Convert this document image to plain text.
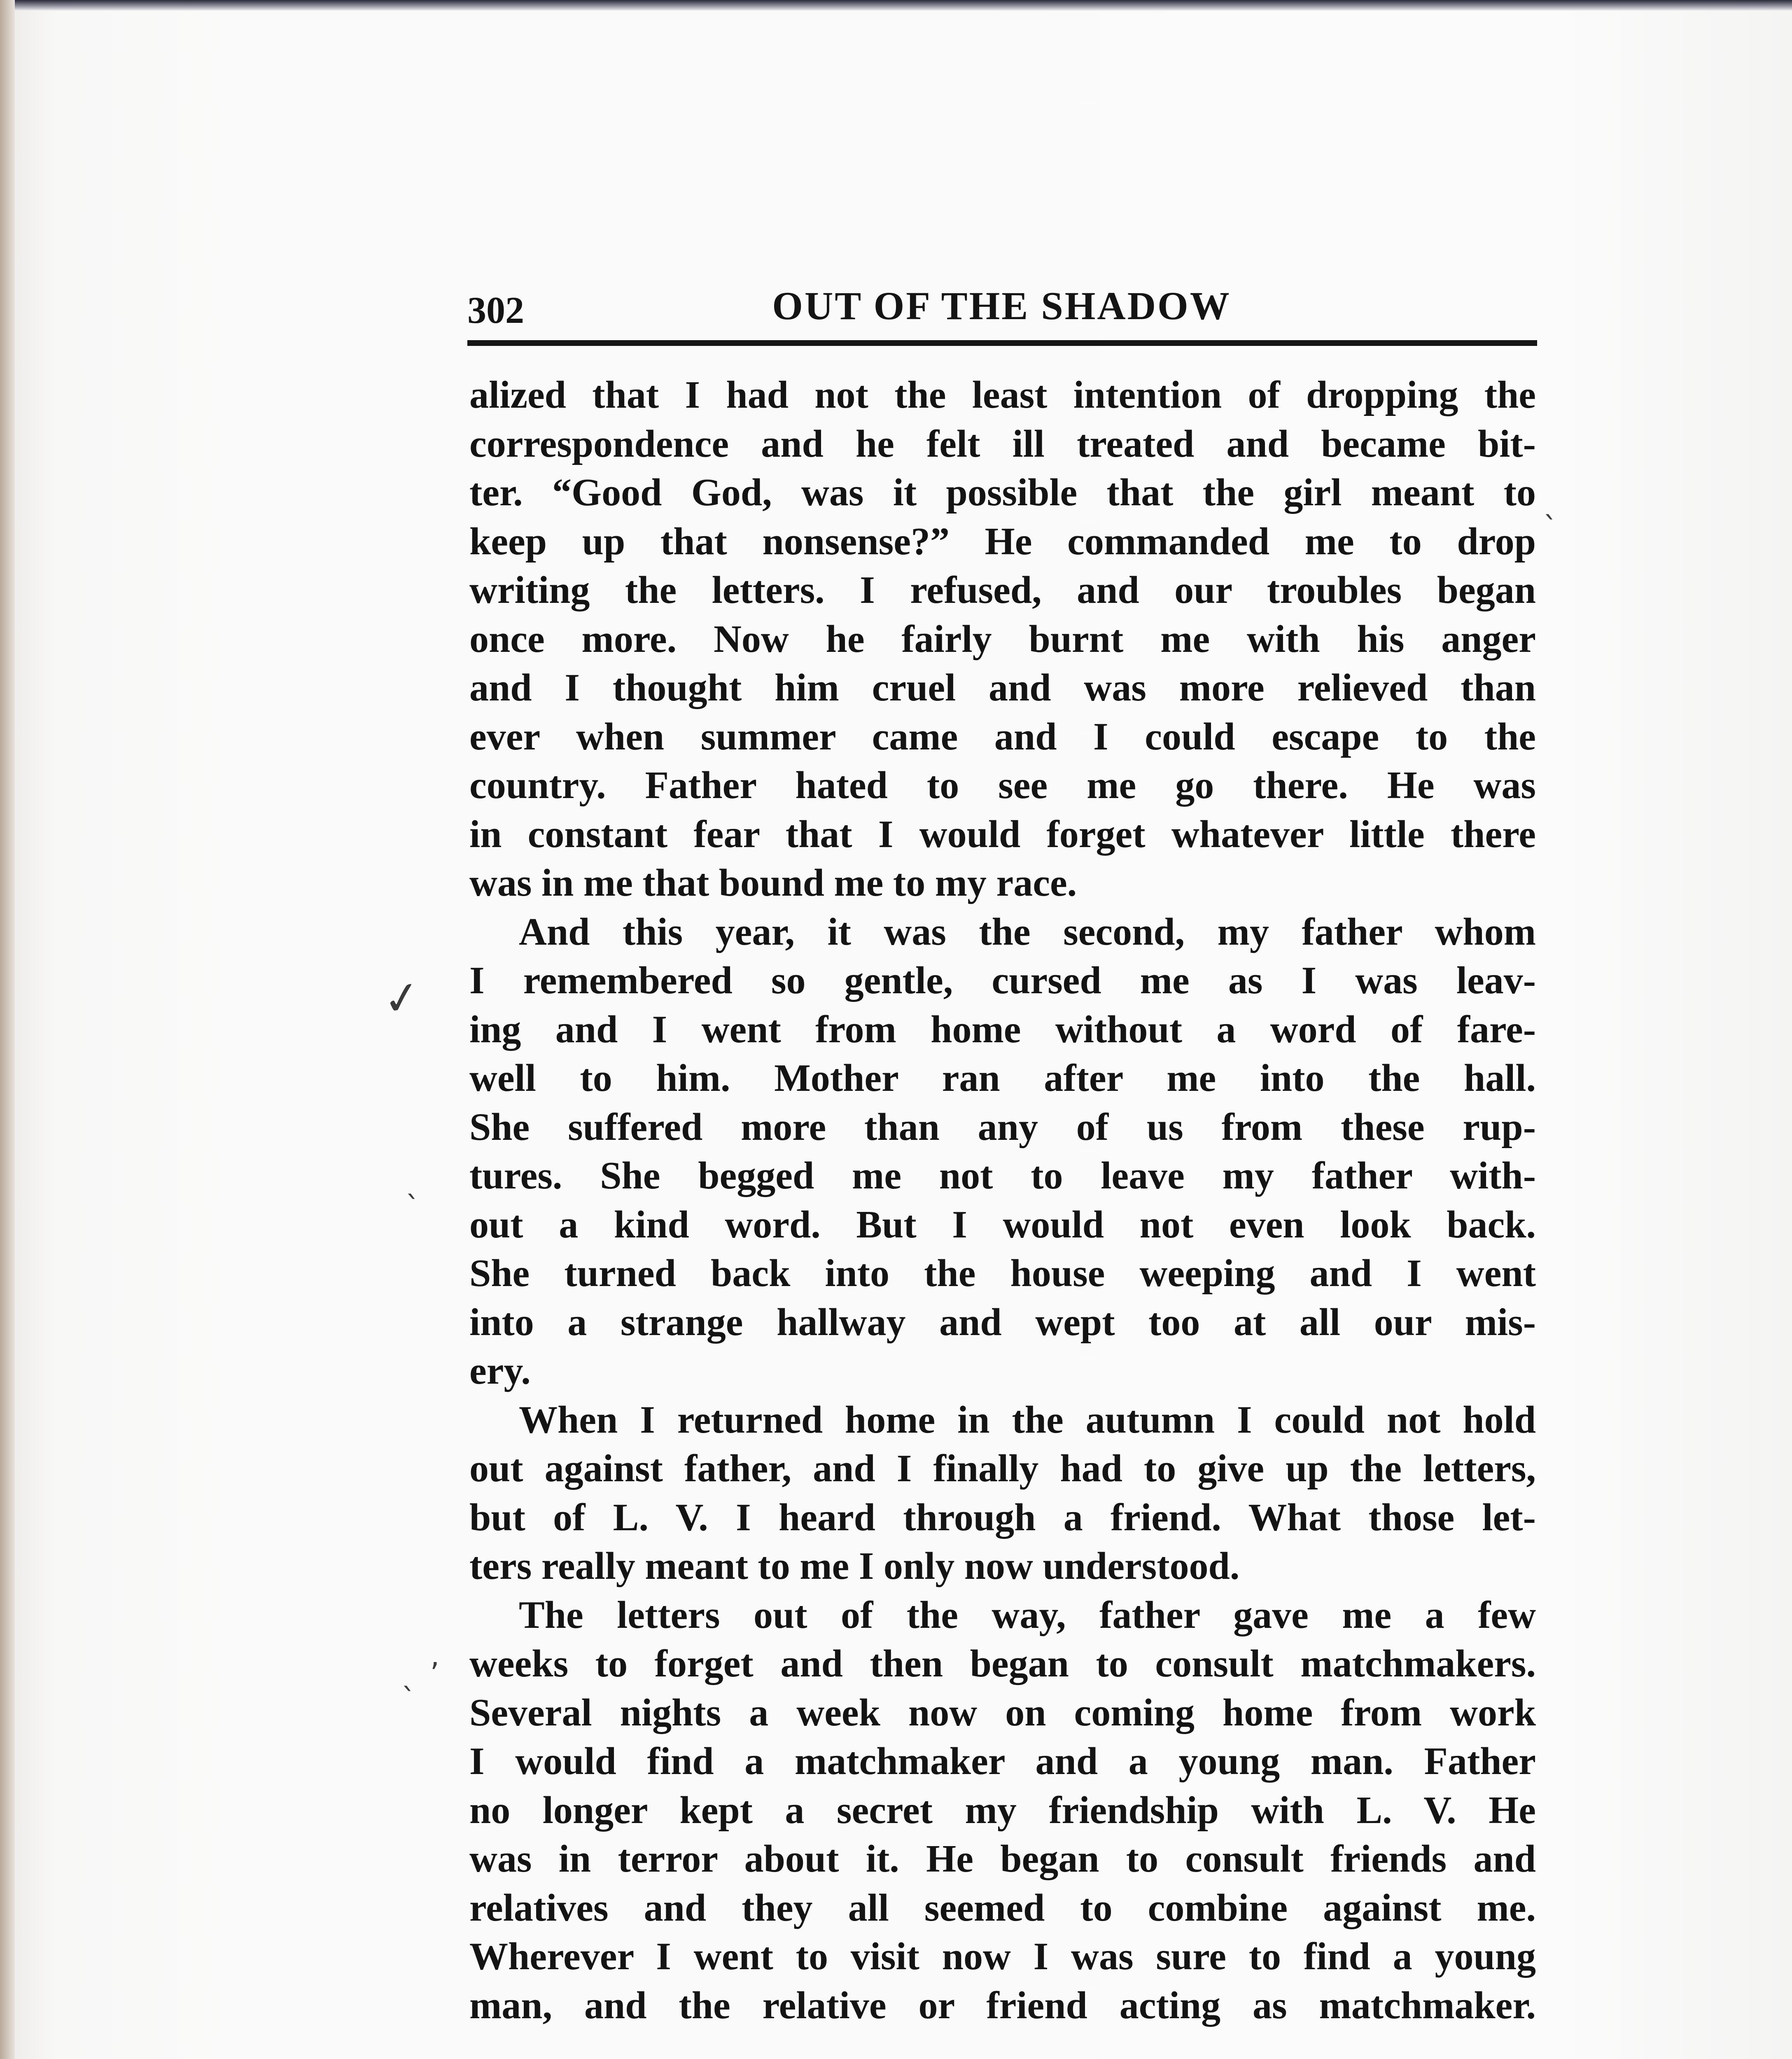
302	OUT OF THE SHADOW

alized that I had not the least intention of dropping the

correspondence and he felt ill treated and became bit-

ter. “Good God, was it possible that the girl meant to

keep up that nonsense?” He commanded me to drop

writing the letters. I refused, and our troubles began

once more. Now he fairly burnt me with his anger

and I thought him cruel and was more relieved than

ever when summer came and I could escape to the

country. Father hated to see me go there. He was

in constant fear that I would forget whatever little there

was in me that bound me to my race.

And this year, it was the second, my father whom

I remembered so gentle, cursed me as I was leav-

ing and I went from home without a word of fare-

well to him. Mother ran after me into the hall.

She suffered more than any of us from these rup-

tures. She begged me not to leave my father with-

out a kind word. But I would not even look back.

She turned back into the house weeping and I went

into a strange hallway and wept too at all our mis-

ery.

When I returned home in the autumn I could not hold

out against father, and I finally had to give up the letters,

but of L. V. I heard through a friend. What those let-

ters really meant to me I only now understood.

The letters out of the way, father gave me a few

weeks to forget and then began to consult matchmakers.

Several nights a week now on coming home from work

I would find a matchmaker and a young man. Father

no longer kept a secret my friendship with L. V. He

was in terror about it. He began to consult friends and

relatives and they all seemed to combine against me.

Wherever I went to visit now I was sure to find a young

man, and the relative or friend acting as matchmaker.

✓
ˎ
ˋ
,
ˋ
